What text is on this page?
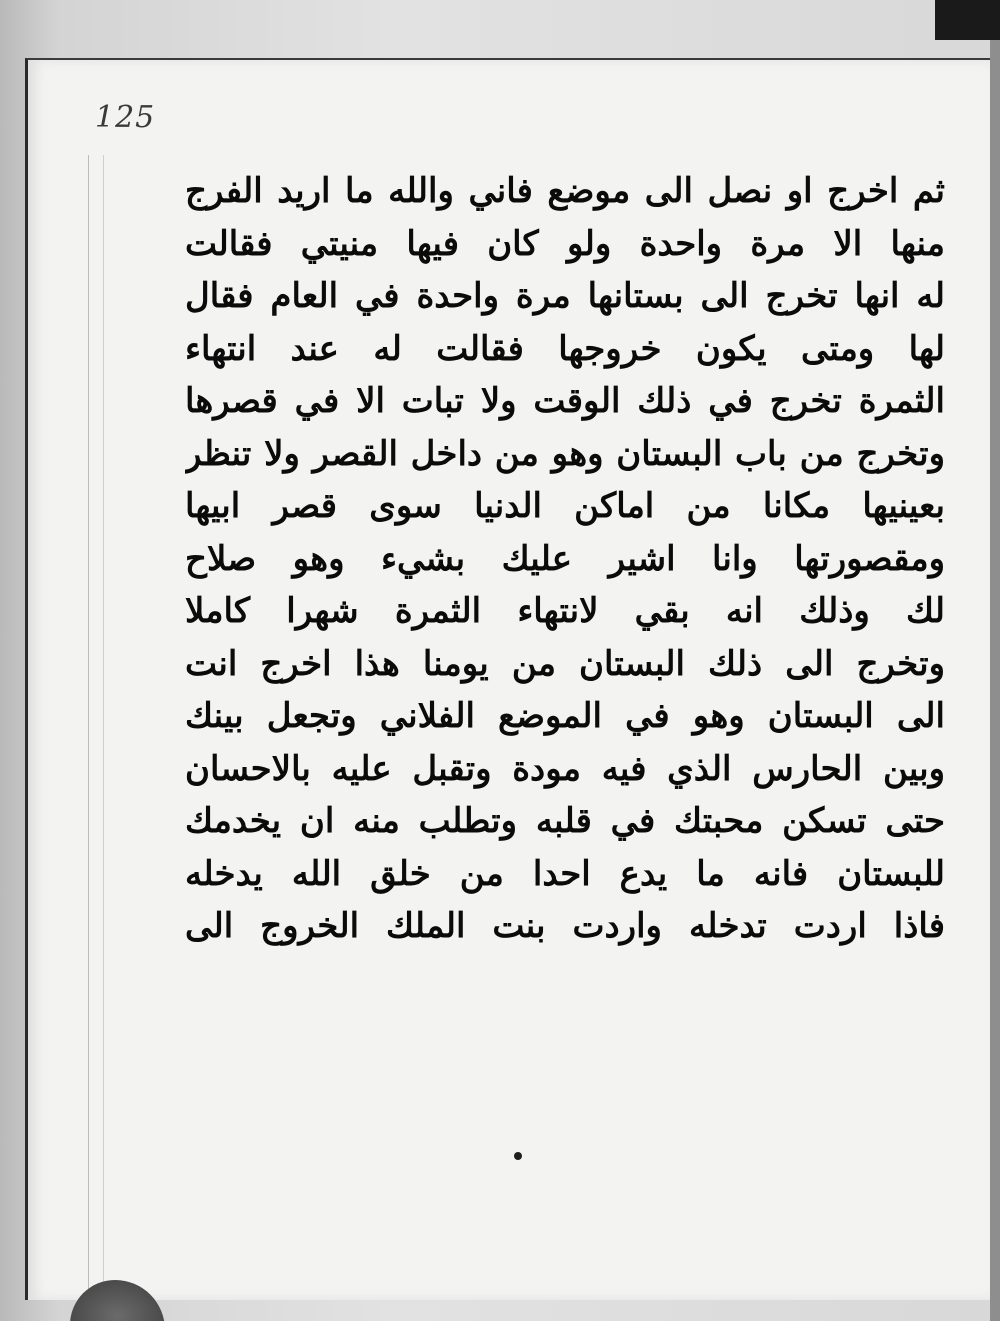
125
ثم اخرج او نصل الى موضع فاني والله ما اريد الفرج
منها الا مرة واحدة ولو كان فيها منيتي فقالت
له انها تخرج الى بستانها مرة واحدة في العام فقال
لها ومتى يكون خروجها فقالت له عند انتهاء
الثمرة تخرج في ذلك الوقت ولا تبات الا في قصرها
وتخرج من باب البستان وهو من داخل القصر ولا تنظر
بعينيها مكانا من اماكن الدنيا سوى قصر ابيها
ومقصورتها وانا اشير عليك بشيء وهو صلاح
لك وذلك انه بقي لانتهاء الثمرة شهرا كاملا
وتخرج الى ذلك البستان من يومنا هذا اخرج انت
الى البستان وهو في الموضع الفلاني وتجعل بينك
وبين الحارس الذي فيه مودة وتقبل عليه بالاحسان
حتى تسكن محبتك في قلبه وتطلب منه ان يخدمك
للبستان فانه ما يدع احدا من خلق الله يدخله
فاذا اردت تدخله واردت بنت الملك الخروج الى
